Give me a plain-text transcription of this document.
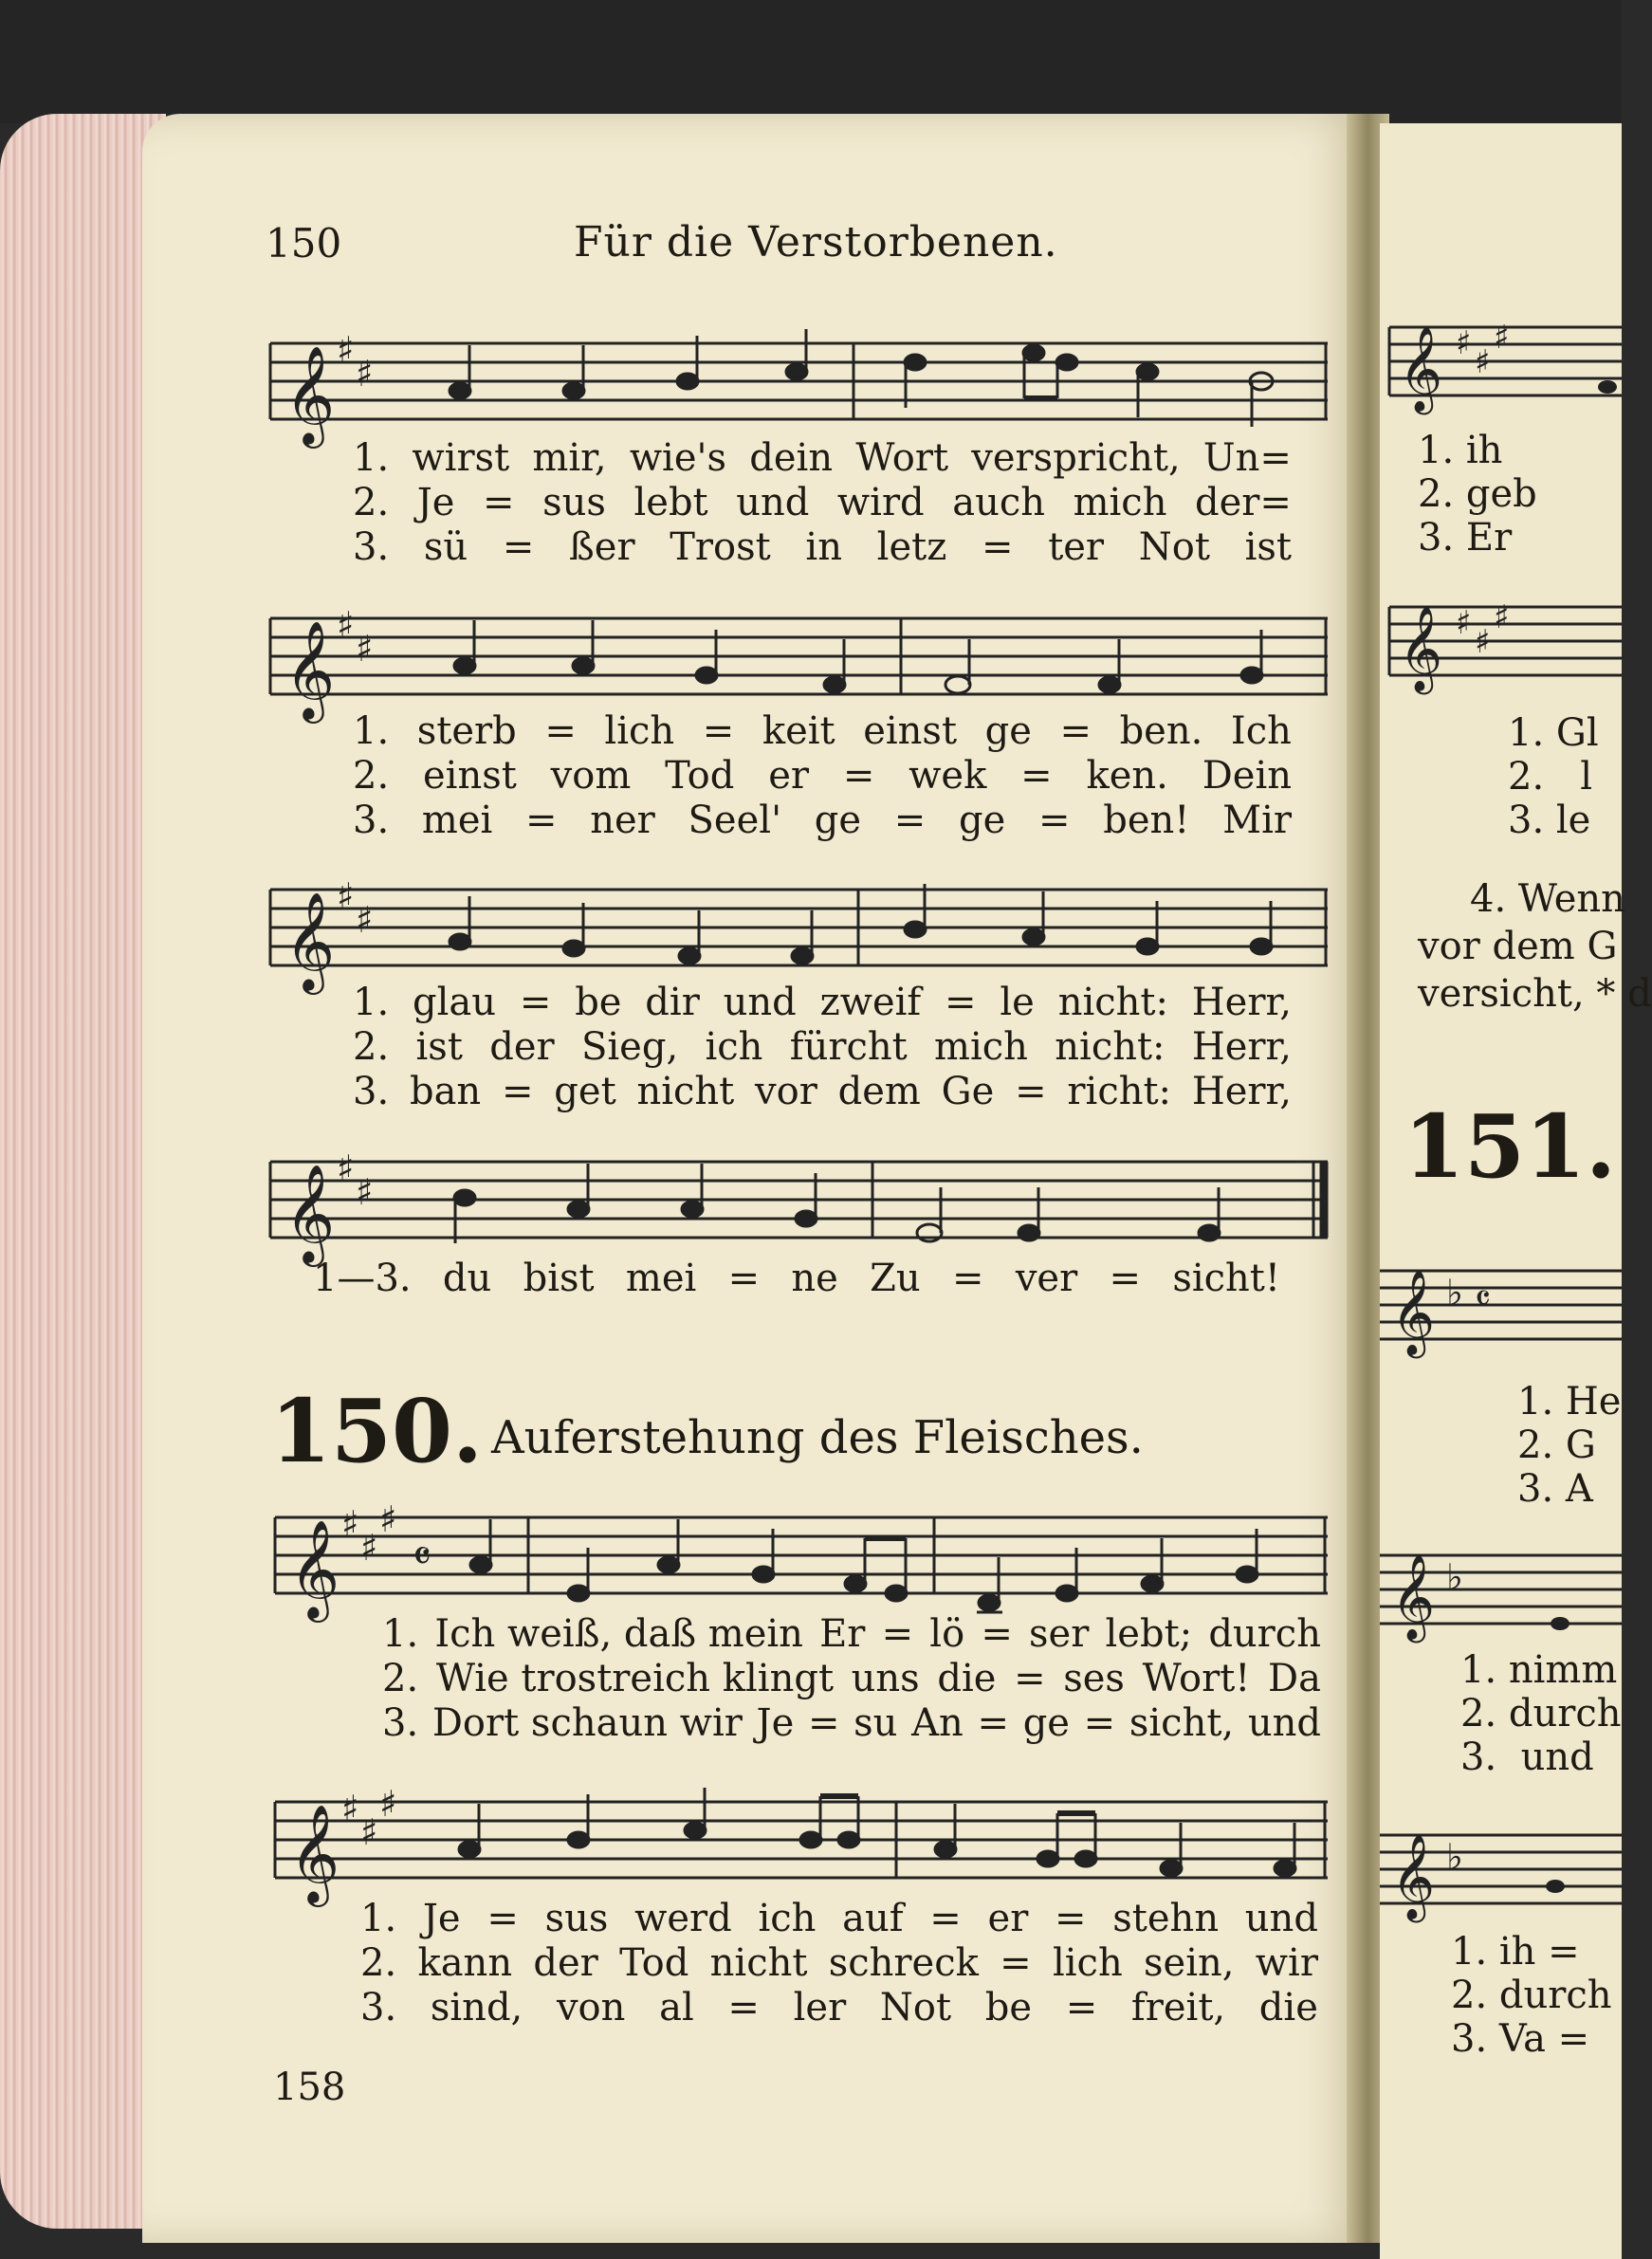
𝄞 ♯ ♯
♯
1. ih
2. geb
3. Er
𝄞 ♯ ♯
♯
1. Gl
2.   l
3. le
4. Wenn
vor dem G
versicht, * d
151.
𝄞 ♭ 𝄴
1. He
2. G
3. A
𝄞 ♭
1. nimm
2. durch
3.  und
𝄞 ♭
1. ih =
2. durch
3. Va =
150	Für die Verstorbenen.
𝄞 ♯
♯
1. wirst mir, wie's dein Wort verspricht, Un=
2. Je = sus lebt und wird auch mich der=
3. sü = ßer Trost in letz = ter Not ist
𝄞 ♯
♯
1. sterb = lich = keit einst ge = ben. Ich
2. einst vom Tod er = wek = ken. Dein
3. mei = ner Seel' ge = ge = ben! Mir
𝄞 ♯
♯
1. glau = be dir und zweif = le nicht: Herr,
2. ist der Sieg, ich fürcht mich nicht: Herr,
3. ban = get nicht vor dem Ge = richt: Herr,
𝄞 ♯
♯
1—3. du bist mei = ne Zu = ver = sicht!
150. Auferstehung des Fleisches.
𝄞 ♯
♯
♯
𝄴
1. Ich weiß, daß mein Er = lö = ser lebt; durch
2. Wie trostreich klingt uns die = ses Wort! Da
3. Dort schaun wir Je = su An = ge = sicht, und
𝄞 ♯
♯
♯
1. Je = sus werd ich auf = er = stehn und
2. kann der Tod nicht schreck = lich sein, wir
3. sind, von al = ler Not be = freit, die
158
